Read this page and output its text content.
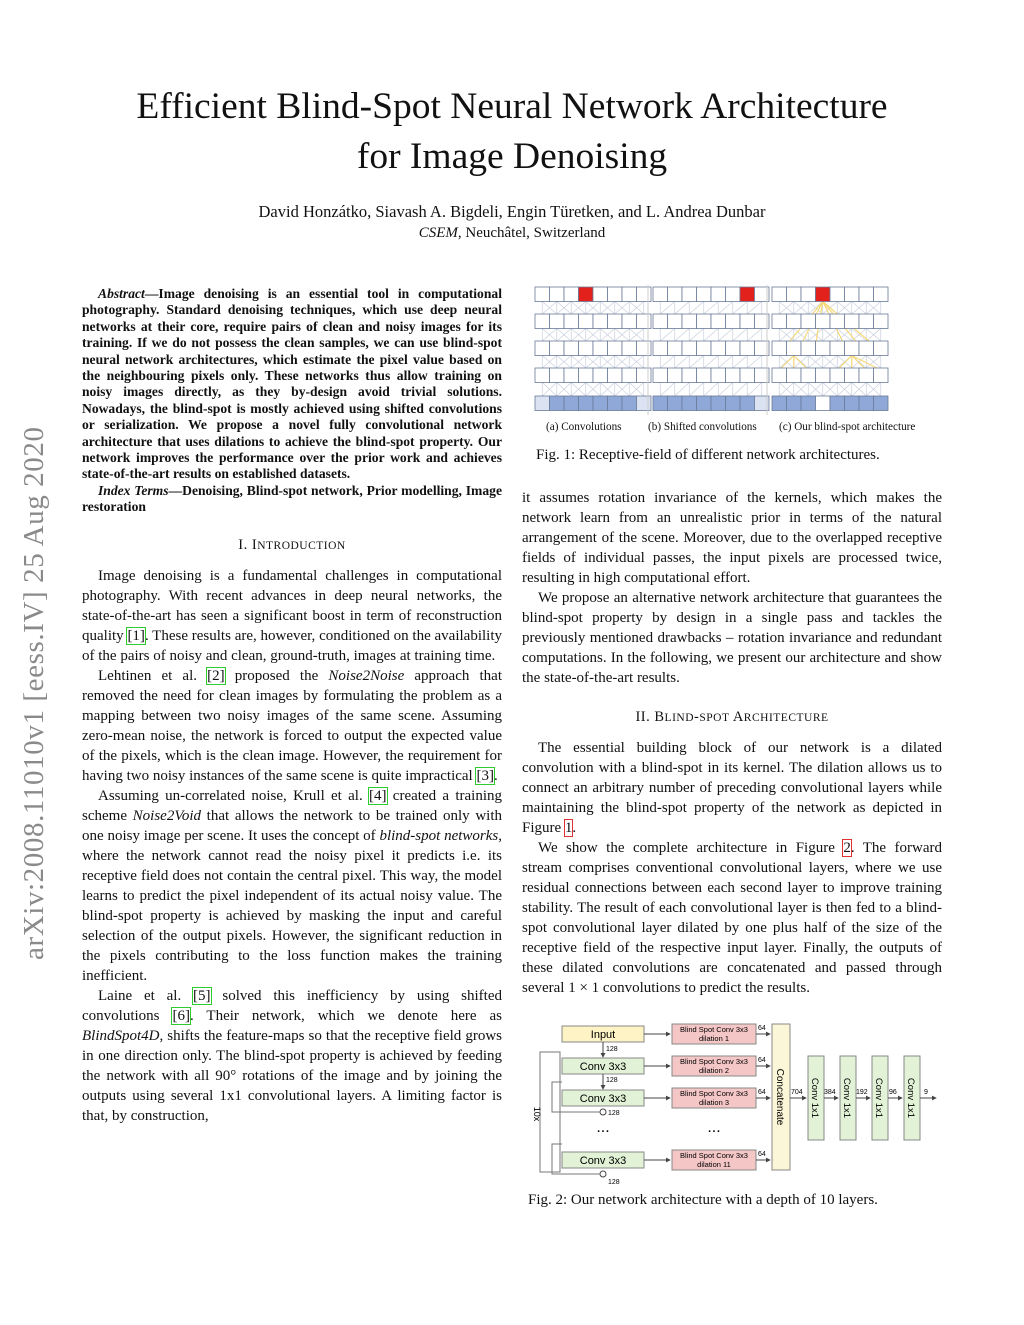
arXiv:2008.11010v1 [eess.IV] 25 Aug 2020
Efficient Blind-Spot Neural Network Architecture
for Image Denoising
David Honzátko, Siavash A. Bigdeli, Engin Türetken, and L. Andrea Dunbar
CSEM, Neuchâtel, Switzerland

Abstract—Image denoising is an essential tool in computational photography. Standard denoising techniques, which use deep neural networks at their core, require pairs of clean and noisy images for its training. If we do not possess the clean samples, we can use blind-spot neural network architectures, which estimate the pixel value based on the neighbouring pixels only. These networks thus allow training on noisy images directly, as they by-design avoid trivial solutions. Nowadays, the blind-spot is mostly achieved using shifted convolutions or serialization. We propose a novel fully convolutional network architecture that uses dilations to achieve the blind-spot property. Our network improves the performance over the prior work and achieves state-of-the-art results on established datasets.

Index Terms—Denoising, Blind-spot network, Prior modelling, Image restoration

I. INTRODUCTION

Image denoising is a fundamental challenges in computational photography. With recent advances in deep neural networks, the state-of-the-art has seen a significant boost in term of reconstruction quality [1]. These results are, however, conditioned on the availability of the pairs of noisy and clean, ground-truth, images at training time.

Lehtinen et al. [2] proposed the Noise2Noise approach that removed the need for clean images by formulating the problem as a mapping between two noisy images of the same scene. Assuming zero-mean noise, the network is forced to output the expected value of the pixels, which is the clean image. However, the requirement for having two noisy instances of the same scene is quite impractical [3].

Assuming un-correlated noise, Krull et al. [4] created a training scheme Noise2Void that allows the network to be trained only with one noisy image per scene. It uses the concept of blind-spot networks, where the network cannot read the noisy pixel it predicts i.e. its receptive field does not contain the central pixel. This way, the model learns to predict the pixel independent of its actual noisy value. The blind-spot property is achieved by masking the input and careful selection of the output pixels. However, the significant reduction in the pixels contributing to the loss function makes the training inefficient.

Laine et al. [5] solved this inefficiency by using shifted convolutions [6]. Their network, which we denote here as BlindSpot4D, shifts the feature-maps so that the receptive field grows in one direction only. The blind-spot property is achieved by feeding the network with all 90° rotations of the image and by joining the outputs using several 1x1 convolutional layers. A limiting factor is that, by construction,

(a) Convolutions (b) Shifted convolutions (c) Our blind-spot architecture
Fig. 1: Receptive-field of different network architectures.

it assumes rotation invariance of the kernels, which makes the network learn from an unrealistic prior in terms of the natural arrangement of the scene. Moreover, due to the overlapped receptive fields of individual passes, the input pixels are processed twice, resulting in high computational effort.

We propose an alternative network architecture that guarantees the blind-spot property by design in a single pass and tackles the previously mentioned drawbacks – rotation invariance and redundant computations. In the following, we present our architecture and show the state-of-the-art results.

II. BLIND-SPOT ARCHITECTURE

The essential building block of our network is a dilated convolution with a blind-spot in its kernel. The dilation allows us to connect an arbitrary number of preceding convolutional layers while maintaining the blind-spot property of the network as depicted in Figure 1.

We show the complete architecture in Figure 2. The forward stream comprises conventional convolutional layers, where we use residual connections between each second layer to improve training stability. The result of each convolutional layer is then fed to a blind-spot convolutional layer dilated by one plus half of the size of the receptive field of the respective input layer. Finally, the outputs of these dilated convolutions are concatenated and passed through several 1 × 1 convolutions to predict the results.

10x
Input
128
Conv 3x3
128
Conv 3x3
128
...
Conv 3x3
128
Blind Spot Conv 3x3
dilation 1
Blind Spot Conv 3x3
dilation 2
Blind Spot Conv 3x3
dilation 3
...
Blind Spot Conv 3x3
dilation 11
64
64
64
64
Concatenate 704 Conv 1x1 384 Conv 1x1 192 Conv 1x1 96 Conv 1x1 9
Fig. 2: Our network architecture with a depth of 10 layers.
